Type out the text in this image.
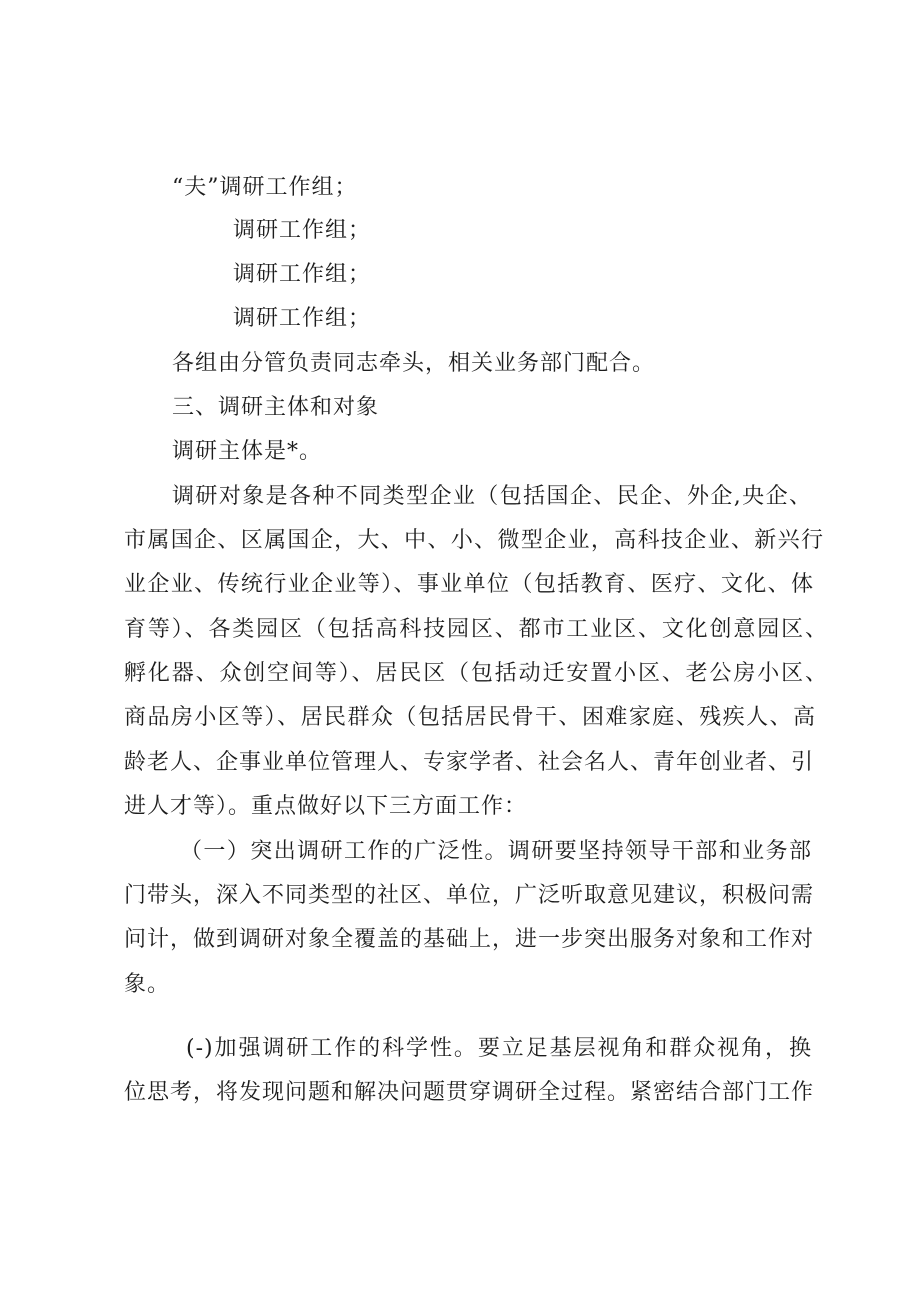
“夫”调研工作组；
调研工作组；
调研工作组；
调研工作组；
各组由分管负责同志牵头，相关业务部门配合。
三、调研主体和对象
调研主体是*。
调研对象是各种不同类型企业（包括国企、民企、外企,央企、
市属国企、区属国企，大、中、小、微型企业，高科技企业、新兴行
业企业、传统行业企业等）、事业单位（包括教育、医疗、文化、体
育等）、各类园区（包括高科技园区、都市工业区、文化创意园区、
孵化器、众创空间等）、居民区（包括动迁安置小区、老公房小区、
商品房小区等）、居民群众（包括居民骨干、困难家庭、残疾人、高
龄老人、企事业单位管理人、专家学者、社会名人、青年创业者、引
进人才等）。重点做好以下三方面工作：
（一）突出调研工作的广泛性。调研要坚持领导干部和业务部
门带头，深入不同类型的社区、单位，广泛听取意见建议，积极问需
问计，做到调研对象全覆盖的基础上，进一步突出服务对象和工作对
象。
(-)加强调研工作的科学性。要立足基层视角和群众视角，换
位思考，将发现问题和解决问题贯穿调研全过程。紧密结合部门工作
